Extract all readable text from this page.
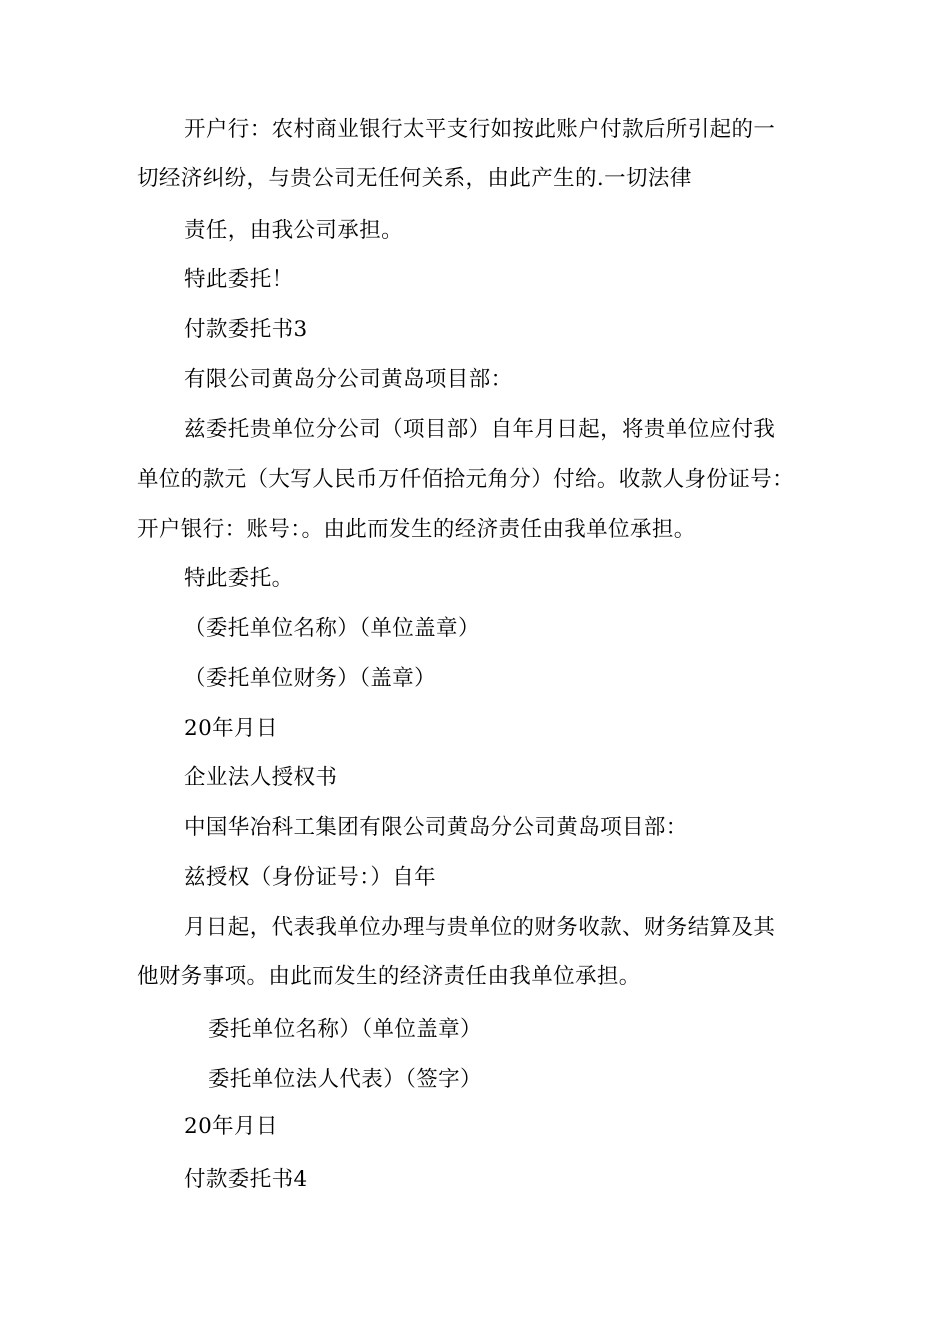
开户行：农村商业银行太平支行如按此账户付款后所引起的一
切经济纠纷，与贵公司无任何关系，由此产生的.一切法律
责任，由我公司承担。
特此委托！
付款委托书3
有限公司黄岛分公司黄岛项目部：
兹委托贵单位分公司（项目部）自年月日起，将贵单位应付我
单位的款元（大写人民币万仟佰拾元角分）付给。收款人身份证号：
开户银行：账号：。由此而发生的经济责任由我单位承担。
特此委托。
（委托单位名称）（单位盖章）
（委托单位财务）（盖章）
20年月日
企业法人授权书
中国华冶科工集团有限公司黄岛分公司黄岛项目部：
兹授权（身份证号：）自年
月日起，代表我单位办理与贵单位的财务收款、财务结算及其
他财务事项。由此而发生的经济责任由我单位承担。
委托单位名称）（单位盖章）
委托单位法人代表）（签字）
20年月日
付款委托书4
